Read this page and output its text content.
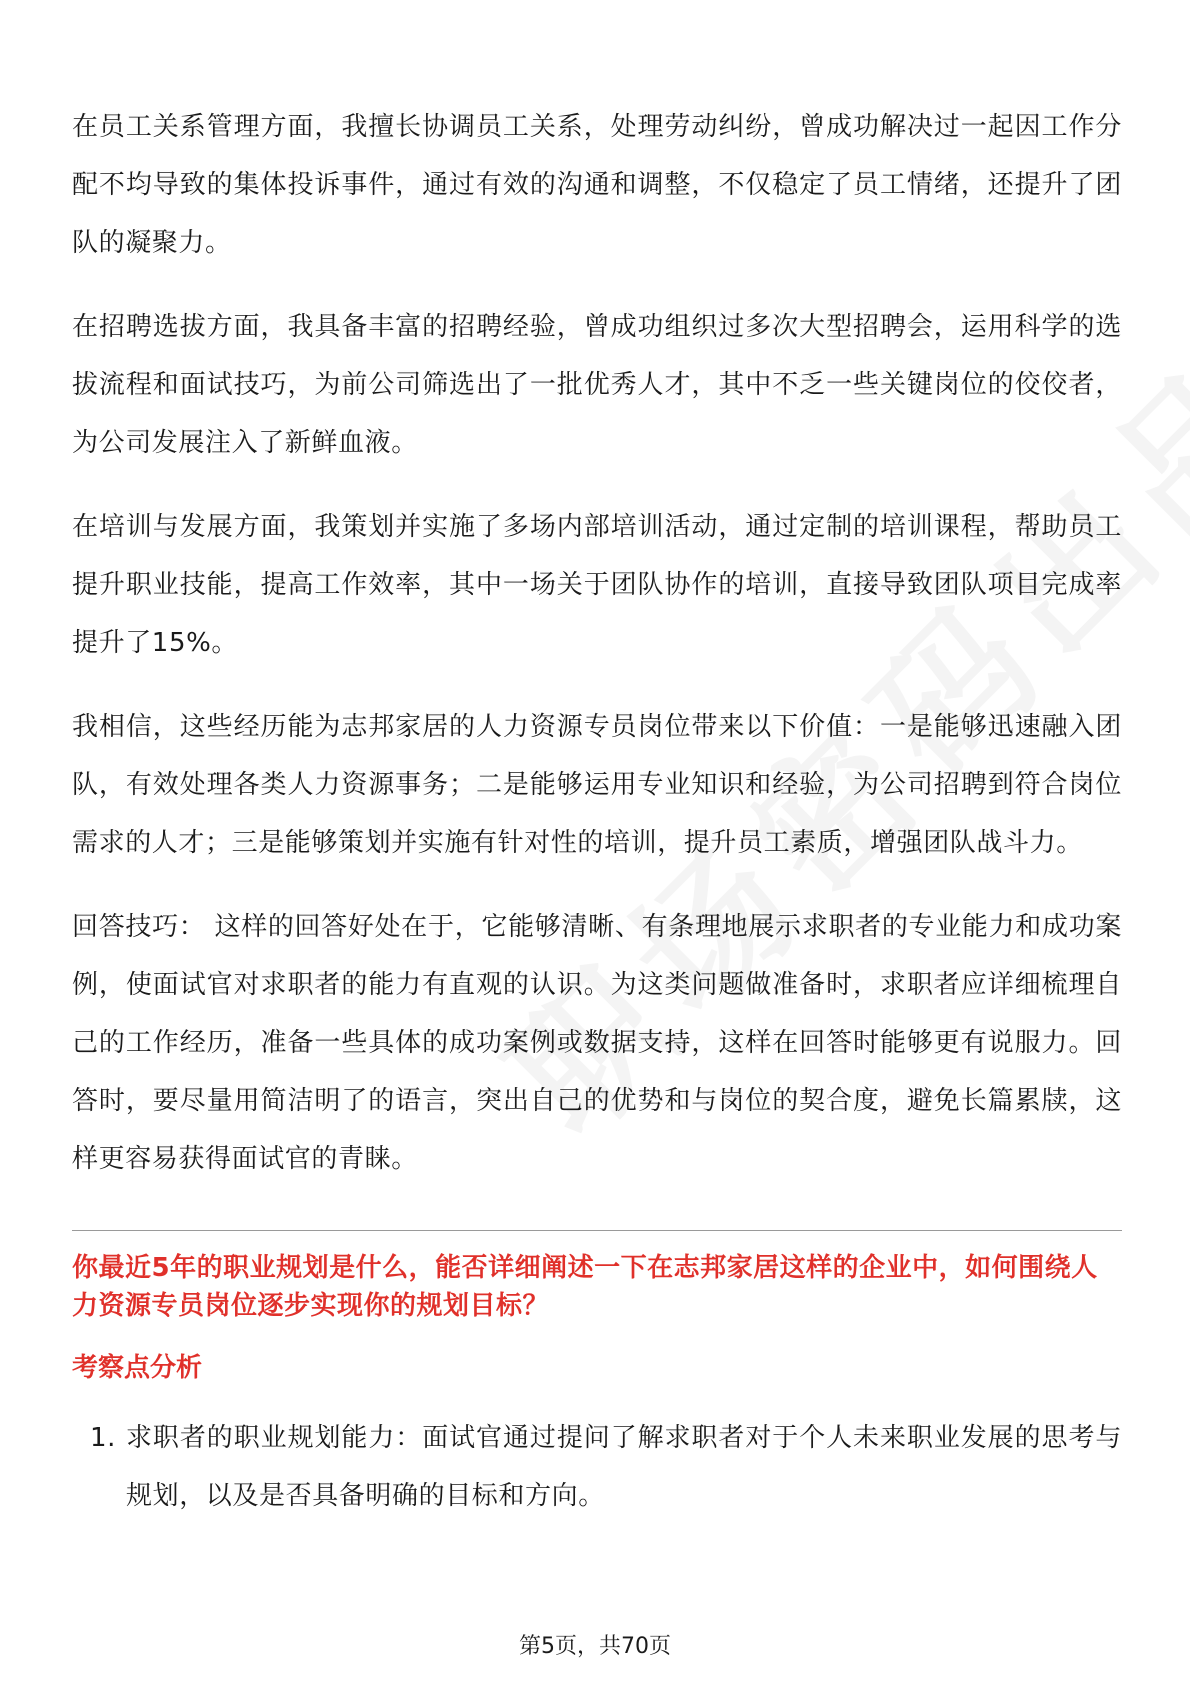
在员工关系管理方面，我擅长协调员工关系，处理劳动纠纷，曾成功解决过一起因工作分配不均导致的集体投诉事件，通过有效的沟通和调整，不仅稳定了员工情绪，还提升了团队的凝聚力。

在招聘选拔方面，我具备丰富的招聘经验，曾成功组织过多次大型招聘会，运用科学的选拔流程和面试技巧，为前公司筛选出了一批优秀人才，其中不乏一些关键岗位的佼佼者，为公司发展注入了新鲜血液。

在培训与发展方面，我策划并实施了多场内部培训活动，通过定制的培训课程，帮助员工提升职业技能，提高工作效率，其中一场关于团队协作的培训，直接导致团队项目完成率提升了15%。

我相信，这些经历能为志邦家居的人力资源专员岗位带来以下价值：一是能够迅速融入团队，有效处理各类人力资源事务；二是能够运用专业知识和经验，为公司招聘到符合岗位需求的人才；三是能够策划并实施有针对性的培训，提升员工素质，增强团队战斗力。

回答技巧： 这样的回答好处在于，它能够清晰、有条理地展示求职者的专业能力和成功案例，使面试官对求职者的能力有直观的认识。为这类问题做准备时，求职者应详细梳理自己的工作经历，准备一些具体的成功案例或数据支持，这样在回答时能够更有说服力。回答时，要尽量用简洁明了的语言，突出自己的优势和与岗位的契合度，避免长篇累牍，这样更容易获得面试官的青睐。

你最近5年的职业规划是什么，能否详细阐述一下在志邦家居这样的企业中，如何围绕人力资源专员岗位逐步实现你的规划目标？
考察点分析
1. 求职者的职业规划能力：面试官通过提问了解求职者对于个人未来职业发展的思考与规划，以及是否具备明确的目标和方向。
第5页，共70页
